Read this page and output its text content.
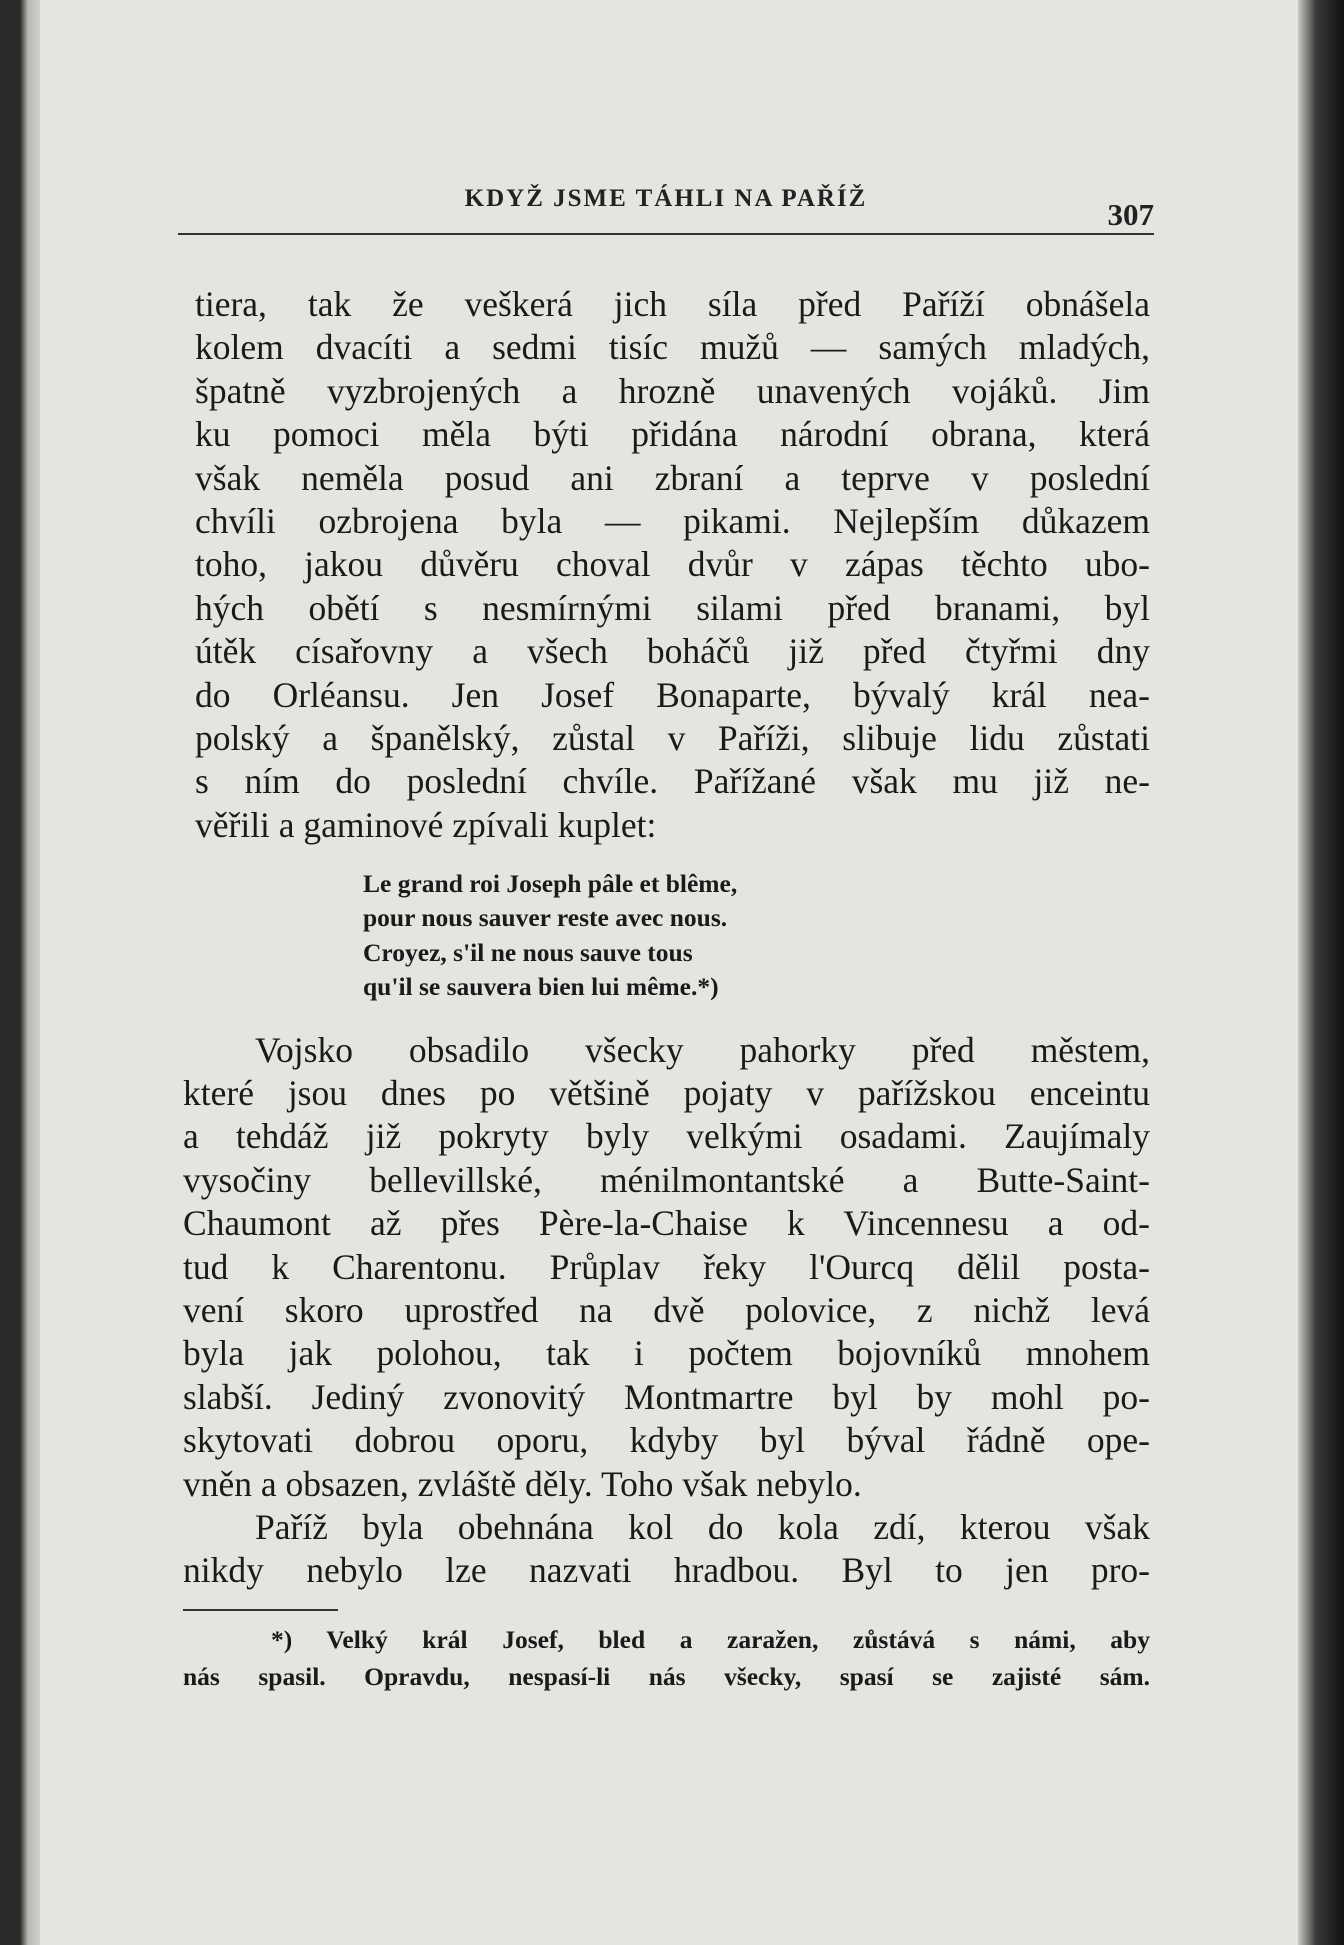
KDYŽ JSME TÁHLI NA PAŘÍŽ	307
tiera, tak že veškerá jich síla před Paříží obnášela
kolem dvacíti a sedmi tisíc mužů — samých mladých,
špatně vyzbrojených a hrozně unavených vojáků. Jim
ku pomoci měla býti přidána národní obrana, která
však neměla posud ani zbraní a teprve v poslední
chvíli ozbrojena byla — pikami. Nejlepším důkazem
toho, jakou důvěru choval dvůr v zápas těchto ubo-
hých obětí s nesmírnými silami před branami, byl
útěk císařovny a všech boháčů již před čtyřmi dny
do Orléansu. Jen Josef Bonaparte, bývalý král nea-
polský a španělský, zůstal v Paříži, slibuje lidu zůstati
s ním do poslední chvíle. Pařížané však mu již ne-
věřili a gaminové zpívali kuplet:
Le grand roi Joseph pâle et blême,
pour nous sauver reste avec nous.
Croyez, s'il ne nous sauve tous
qu'il se sauvera bien lui même.*)
Vojsko obsadilo všecky pahorky před městem,
které jsou dnes po většině pojaty v pařížskou enceintu
a tehdáž již pokryty byly velkými osadami. Zaujímaly
vysočiny bellevillské, ménilmontantské a Butte-Saint-
Chaumont až přes Père-la-Chaise k Vincennesu a od-
tud k Charentonu. Průplav řeky l'Ourcq dělil posta-
vení skoro uprostřed na dvě polovice, z nichž levá
byla jak polohou, tak i počtem bojovníků mnohem
slabší. Jediný zvonovitý Montmartre byl by mohl po-
skytovati dobrou oporu, kdyby byl býval řádně ope-
vněn a obsazen, zvláště děly. Toho však nebylo.
Paříž byla obehnána kol do kola zdí, kterou však
nikdy nebylo lze nazvati hradbou. Byl to jen pro-
*) Velký král Josef, bled a zaražen, zůstává s námi, aby
nás spasil. Opravdu, nespasí-li nás všecky, spasí se zajisté sám.
